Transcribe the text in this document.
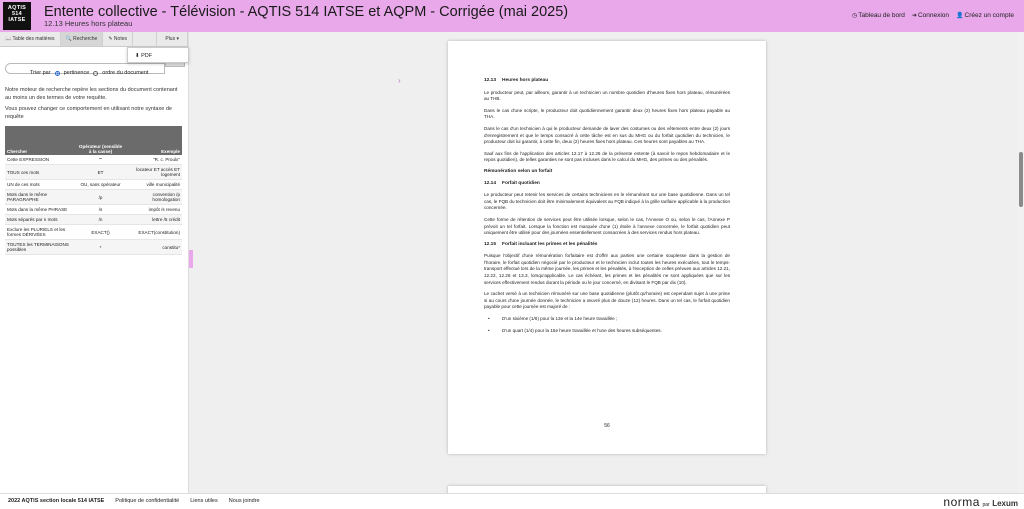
AQTIS
514
IATSE	Entente collective - Télévision - AQTIS 514 IATSE et AQPM - Corrigée (mai 2025)
12.13 Heures hors plateau
◷Tableau de bord ➜Connexion 👤Créez un compte
📖 Table des matières	🔍 Recherche	✎ Notes	Plus ▾
Trier par pertinence ordre du document

Notre moteur de recherche repère les sections du document contenant au moins un des termes de votre requête.

Vous pouvez changer ce comportement en utilisant notre syntaxe de requête

Chercher	Opérateur (sensible à la casse)	Exemple
Cette EXPRESSION	""	"R. c. Proulx"
TOUS ces mots	ET	locateur ET accès ET logement
UN de ces mots	OU, sans opérateur	ville municipalité
Mots dans le même PARAGRAPHE	/p	convention /p homologation
Mots dans la même PHRASE	/s	impôt /s revenu
Mots séparés par n mots	/n	lettre /5 crédit
Exclure les PLURIELS et les formes DÉRIVÉES	EXACT()	EXACT(constitution)
TOUTES les TERMINAISONS possibles	*	constitu*
⬇ PDF
›	12.13 Heures hors plateau

Le producteur peut, par ailleurs, garantir à un technicien un nombre quotidien d'heures fixes hors plateau, rémunérées au THB.

Dans le cas d'une scripte, le producteur doit quotidiennement garantir deux (2) heures fixes hors plateau payable au THA.

Dans le cas d'un technicien à qui le producteur demande de laver des costumes ou des vêtements entre deux (2) jours d'enregistrement et que le temps consacré à cette tâche est en sus du MHG ou du forfait quotidien du technicien, le producteur doit lui garantir, à cette fin, deux (2) heures fixes hors plateau. Ces heures sont payables au THA.

Sauf aux fins de l'application des articles 12.17 à 12.26 de la présente entente (à savoir le repos hebdomadaire et le repos quotidien), de telles garanties ne sont pas incluses dans le calcul du MHG, des primes ou des pénalités.

Rémunération selon un forfait
12.14 Forfait quotidien

Le producteur peut retenir les services de certains techniciens en le rémunérant sur une base quotidienne. Dans un tel cas, le FQB du technicien doit être minimalement équivalent au FQB indiqué à la grille tarifaire applicable à la production concernée.

Cette forme de rétention de services peut être utilisée lorsque, selon le cas, l'Annexe O ou, selon le cas, l'Annexe P prévoit un tel forfait. Lorsque la fonction est marquée d'une (1) étoile à l'annexe concernée, le forfait quotidien peut uniquement être utilisé pour des journées essentiellement consacrées à des services rendus hors plateau.

12.15 Forfait incluant les primes et les pénalités

Puisque l'objectif d'une rémunération forfaitaire est d'offrir aux parties une certaine souplesse dans la gestion de l'horaire, le forfait quotidien négocié par le producteur et le technicien inclut toutes les heures exécutées, tout le temps-transport effectué lors de la même journée, les primes et les pénalités, à l'exception de celles prévues aux articles 12.21, 12.22, 12.26 et 13.3, lorsqu'applicable. Le cas échéant, les primes et les pénalités ne sont appliquées que sur les services effectivement rendus durant la période ou le jour concerné, en divisant le FQB par dix (10).

Le cachet versé à un technicien rémunéré sur une base quotidienne (plutôt qu'horaire) est cependant sujet à une prime si au cours d'une journée donnée, le technicien a œuvré plus de douze (12) heures. Dans un tel cas, le forfait quotidien payable pour cette journée est majoré de :

• D'un sixième (1/6) pour la 13e et la 14e heure travaillée ;
• D'un quart (1/4) pour la 15e heure travaillée et l'une des heures subséquentes.
56
2022 AQTIS section locale 514 IATSE Politique de confidentialité Liens utiles Nous joindre	norma par Lexum
